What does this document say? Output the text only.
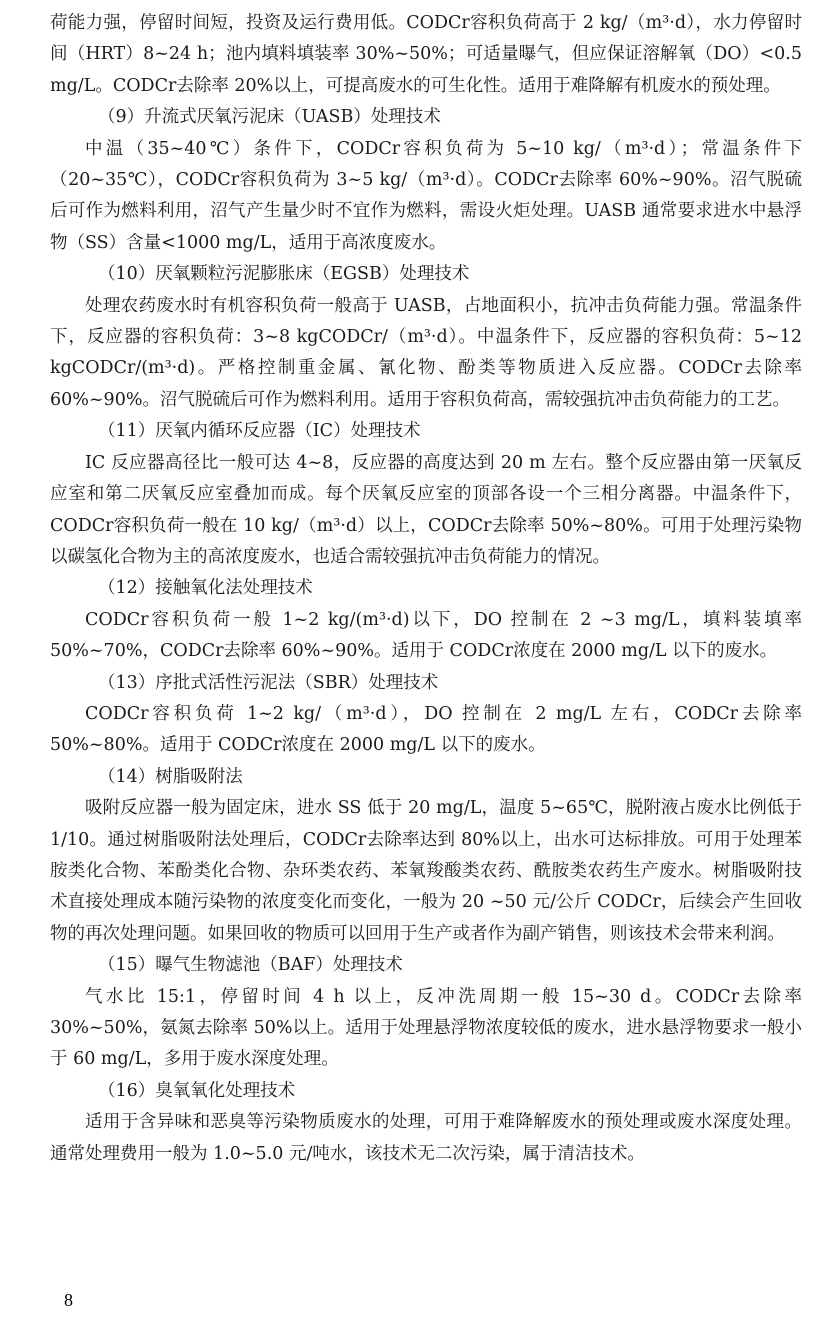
荷能力强，停留时间短，投资及运行费用低。CODCr容积负荷高于 2 kg/（m³·d），水力停留时间（HRT）8~24 h；池内填料填装率 30%~50%；可适量曝气，但应保证溶解氧（DO）<0.5 mg/L。CODCr去除率 20%以上，可提高废水的可生化性。适用于难降解有机废水的预处理。

（9）升流式厌氧污泥床（UASB）处理技术

中温（35~40℃）条件下，CODCr容积负荷为 5~10 kg/（m³·d）；常温条件下（20~35℃），CODCr容积负荷为 3~5 kg/（m³·d）。CODCr去除率 60%~90%。沼气脱硫后可作为燃料利用，沼气产生量少时不宜作为燃料，需设火炬处理。UASB 通常要求进水中悬浮物（SS）含量<1000 mg/L，适用于高浓度废水。

（10）厌氧颗粒污泥膨胀床（EGSB）处理技术

处理农药废水时有机容积负荷一般高于 UASB，占地面积小，抗冲击负荷能力强。常温条件下，反应器的容积负荷：3~8 kgCODCr/（m³·d）。中温条件下，反应器的容积负荷：5~12 kgCODCr/(m³·d)。严格控制重金属、氰化物、酚类等物质进入反应器。CODCr去除率 60%~90%。沼气脱硫后可作为燃料利用。适用于容积负荷高，需较强抗冲击负荷能力的工艺。

（11）厌氧内循环反应器（IC）处理技术

IC 反应器高径比一般可达 4~8，反应器的高度达到 20 m 左右。整个反应器由第一厌氧反应室和第二厌氧反应室叠加而成。每个厌氧反应室的顶部各设一个三相分离器。中温条件下，CODCr容积负荷一般在 10 kg/（m³·d）以上，CODCr去除率 50%~80%。可用于处理污染物以碳氢化合物为主的高浓度废水，也适合需较强抗冲击负荷能力的情况。

（12）接触氧化法处理技术

CODCr容积负荷一般 1~2 kg/(m³·d)以下，DO 控制在 2 ~3 mg/L，填料装填率 50%~70%，CODCr去除率 60%~90%。适用于 CODCr浓度在 2000 mg/L 以下的废水。

（13）序批式活性污泥法（SBR）处理技术

CODCr容积负荷 1~2 kg/（m³·d），DO 控制在 2 mg/L 左右，CODCr去除率 50%~80%。适用于 CODCr浓度在 2000 mg/L 以下的废水。

（14）树脂吸附法

吸附反应器一般为固定床，进水 SS 低于 20 mg/L，温度 5~65℃，脱附液占废水比例低于 1/10。通过树脂吸附法处理后，CODCr去除率达到 80%以上，出水可达标排放。可用于处理苯胺类化合物、苯酚类化合物、杂环类农药、苯氧羧酸类农药、酰胺类农药生产废水。树脂吸附技术直接处理成本随污染物的浓度变化而变化，一般为 20 ~50 元/公斤 CODCr，后续会产生回收物的再次处理问题。如果回收的物质可以回用于生产或者作为副产销售，则该技术会带来利润。

（15）曝气生物滤池（BAF）处理技术

气水比 15:1，停留时间 4 h 以上，反冲洗周期一般 15~30 d。CODCr去除率 30%~50%，氨氮去除率 50%以上。适用于处理悬浮物浓度较低的废水，进水悬浮物要求一般小于 60 mg/L，多用于废水深度处理。

（16）臭氧氧化处理技术

适用于含异味和恶臭等污染物质废水的处理，可用于难降解废水的预处理或废水深度处理。通常处理费用一般为 1.0~5.0 元/吨水，该技术无二次污染，属于清洁技术。

8
